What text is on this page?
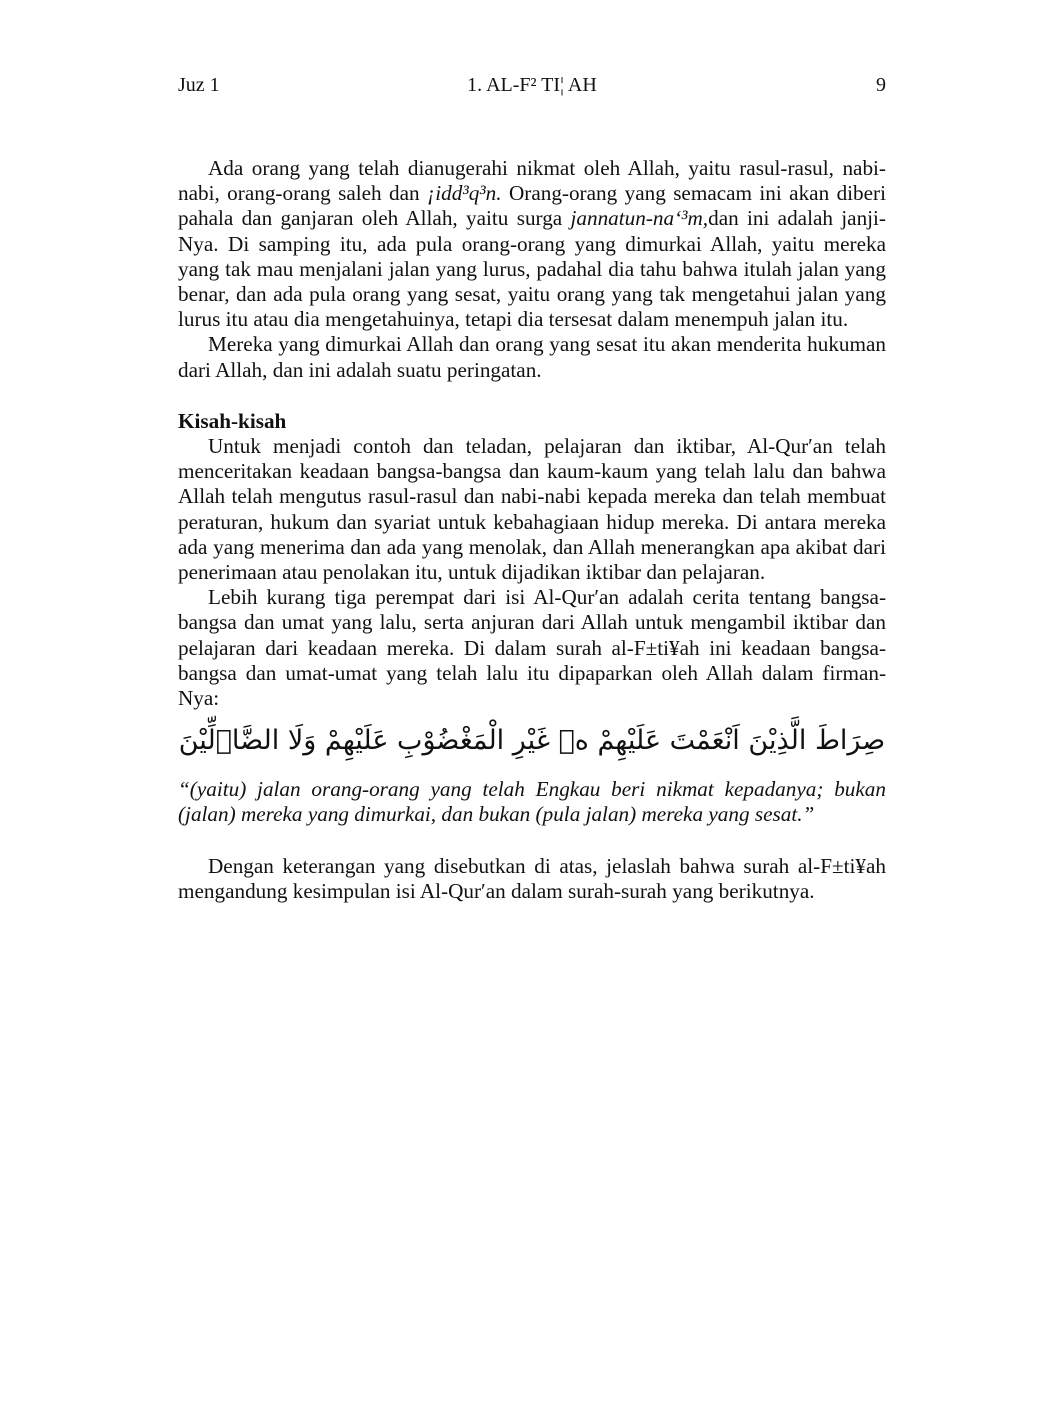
Juz 1	1. AL-F² TI¦ AH	9

Ada orang yang telah dianugerahi nikmat oleh Allah, yaitu rasul-rasul, nabi-nabi, orang-orang saleh dan ¡idd³q³n. Orang-orang yang semacam ini akan diberi pahala dan ganjaran oleh Allah, yaitu surga jannatun-na‘³m,dan ini adalah janji-Nya. Di samping itu, ada pula orang-orang yang dimurkai Allah, yaitu mereka yang tak mau menjalani jalan yang lurus, padahal dia tahu bahwa itulah jalan yang benar, dan ada pula orang yang sesat, yaitu orang yang tak mengetahui jalan yang lurus itu atau dia mengetahuinya, tetapi dia tersesat dalam menempuh jalan itu.

Mereka yang dimurkai Allah dan orang yang sesat itu akan menderita hukuman dari Allah, dan ini adalah suatu peringatan.

Kisah-kisah

Untuk menjadi contoh dan teladan, pelajaran dan iktibar, Al-Qur′an telah menceritakan keadaan bangsa-bangsa dan kaum-kaum yang telah lalu dan bahwa Allah telah mengutus rasul-rasul dan nabi-nabi kepada mereka dan telah membuat peraturan, hukum dan syariat untuk kebahagiaan hidup mereka. Di antara mereka ada yang menerima dan ada yang menolak, dan Allah menerangkan apa akibat dari penerimaan atau penolakan itu, untuk dijadikan iktibar dan pelajaran.

Lebih kurang tiga perempat dari isi Al-Qur′an adalah cerita tentang bangsa-bangsa dan umat yang lalu, serta anjuran dari Allah untuk mengambil iktibar dan pelajaran dari keadaan mereka. Di dalam surah al-F±ti¥ah ini keadaan bangsa-bangsa dan umat-umat yang telah lalu itu dipaparkan oleh Allah dalam firman-Nya:

صِرَاطَ الَّذِيْنَ اَنْعَمْتَ عَلَيْهِمْ ەۙ غَيْرِ الْمَغْضُوْبِ عَلَيْهِمْ وَلَا الضَّاۤلِّيْنَ

“(yaitu) jalan orang-orang yang telah Engkau beri nikmat kepadanya; bukan (jalan) mereka yang dimurkai, dan bukan (pula jalan) mereka yang sesat.”

Dengan keterangan yang disebutkan di atas, jelaslah bahwa surah al-F±ti¥ah mengandung kesimpulan isi Al-Qur′an dalam surah-surah yang berikutnya.
